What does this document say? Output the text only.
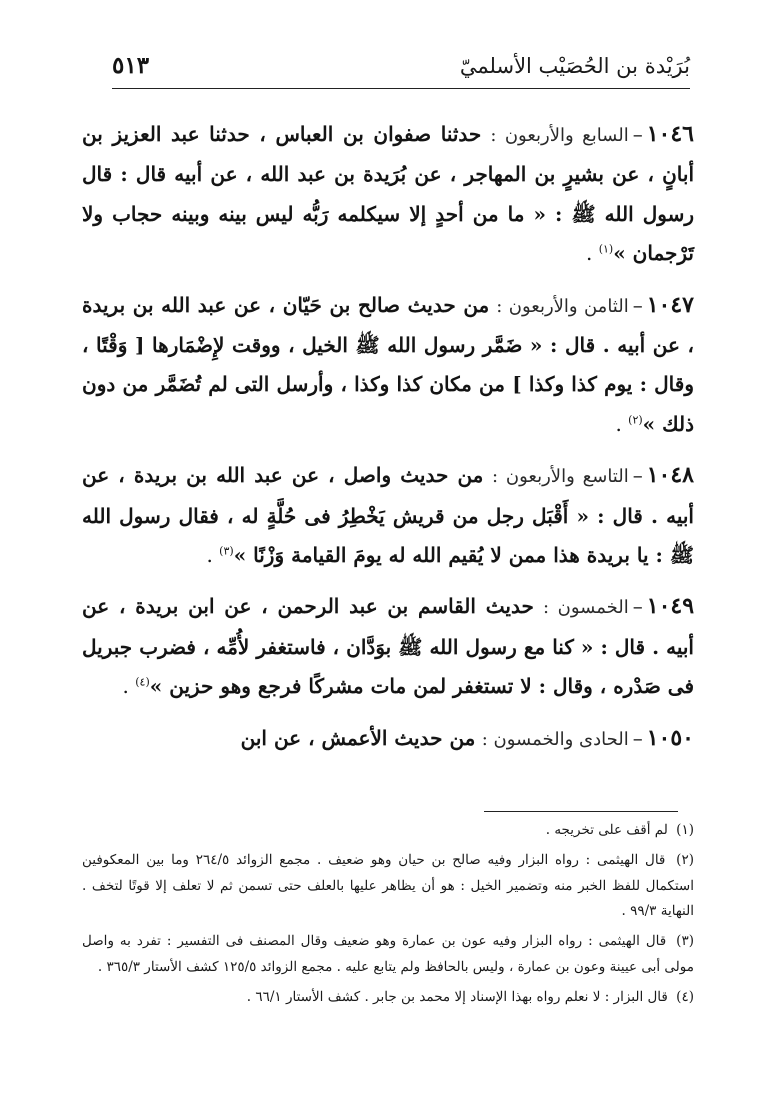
بُرَيْدة بن الحُصَيْب الأسلميّ
٥١٣

١٠٤٦–السابع والأربعون : حدثنا صفوان بن العباس ، حدثنا عبد العزيز بن أبانٍ ، عن بشيرٍ بن المهاجر ، عن بُرَيدة بن عبد الله ، عن أبيه قال : قال رسول الله ﷺ : « ما من أحدٍ إلا سيكلمه رَبُّه ليس بينه وبينه حجاب ولا تَرْجمان »$^{(١)}$ .

١٠٤٧–الثامن والأربعون : من حديث صالح بن حَيّان ، عن عبد الله بن بريدة ، عن أبيه . قال : « ضَمَّر رسول الله ﷺ الخيل ، ووقت لإِضْمَارها [ وَقْتًا ، وقال : يوم كذا وكذا ] من مكان كذا وكذا ، وأرسل التى لم تُضَمَّر من دون ذلك »$^{(٢)}$ .

١٠٤٨–التاسع والأربعون : من حديث واصل ، عن عبد الله بن بريدة ، عن أبيه . قال : « أَقْبَل رجل من قريش يَخْطِرُ فى حُلَّةٍ له ، فقال رسول الله ﷺ : يا بريدة هذا ممن لا يُقيم الله له يومَ القيامة وَزْنًا »$^{(٣)}$ .

١٠٤٩–الخمسون : حديث القاسم بن عبد الرحمن ، عن ابن بريدة ، عن أبيه . قال : « كنا مع رسول الله ﷺ بوَدَّان ، فاستغفر لأُمِّه ، فضرب جبريل فى صَدْره ، وقال : لا تستغفر لمن مات مشركًا فرجع وهو حزين »$^{(٤)}$ .

١٠٥٠–الحادى والخمسون : من حديث الأعمش ، عن ابن

(١) لم أقف على تخريجه .

(٢) قال الهيثمى : رواه البزار وفيه صالح بن حيان وهو ضعيف . مجمع الزوائد ٢٦٤/٥ وما بين المعكوفين استكمال للفظ الخبر منه وتضمير الخيل : هو أن يظاهر عليها بالعلف حتى تسمن ثم لا تعلف إلا قوتًا لتخف . النهاية ٩٩/٣ .

(٣) قال الهيثمى : رواه البزار وفيه عون بن عمارة وهو ضعيف وقال المصنف فى التفسير : تفرد به واصل مولى أبى عيينة وعون بن عمارة ، وليس بالحافظ ولم يتابع عليه . مجمع الزوائد ١٢٥/٥ كشف الأستار ٣٦٥/٣ .

(٤) قال البزار : لا نعلم رواه بهذا الإسناد إلا محمد بن جابر . كشف الأستار ٦٦/١ .
